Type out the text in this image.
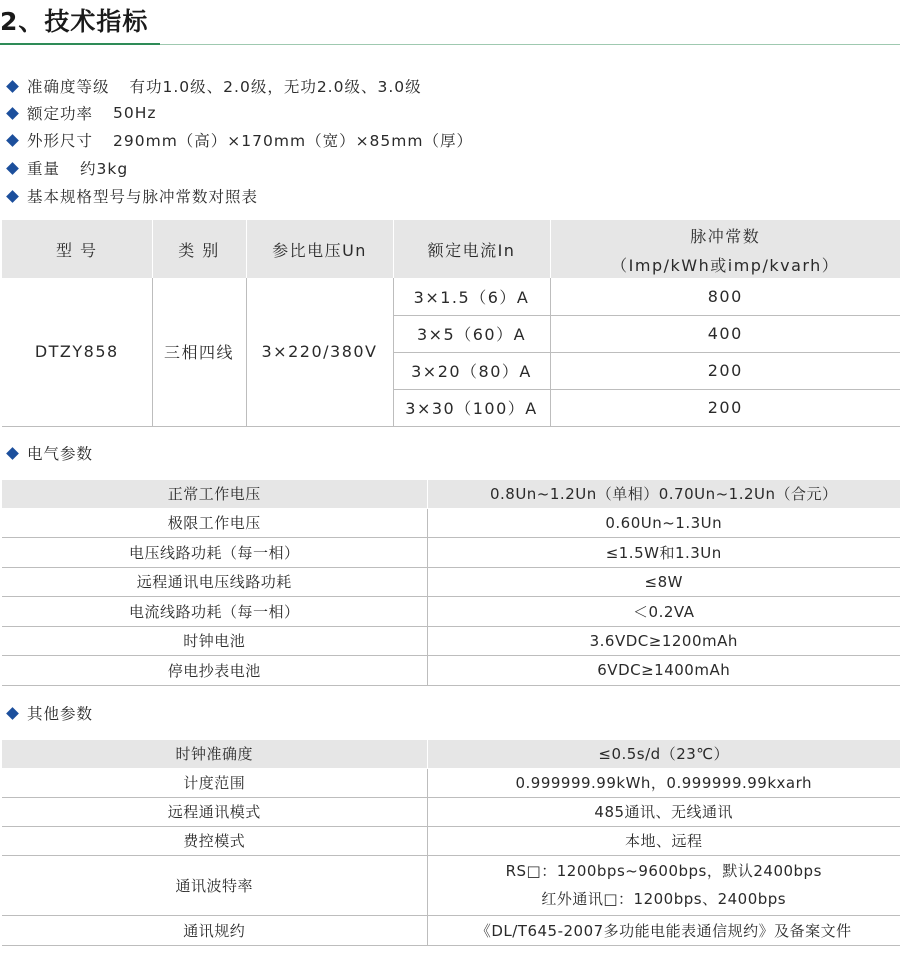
2、技术指标
准确度等级 有功1.0级、2.0级，无功2.0级、3.0级
额定功率 50Hz
外形尺寸 290mm（高）×170mm（宽）×85mm（厚）
重量 约3kg
基本规格型号与脉冲常数对照表
型 号	类 别	参比电压Un	额定电流In	脉冲常数
				（Imp/kWh或imp/kvarh）
DTZY858	三相四线	3×220/380V	3×1.5（6）A	800
			3×5（60）A	400
			3×20（80）A	200
			3×30（100）A	200
电气参数
正常工作电压	0.8Un~1.2Un（单相）0.70Un~1.2Un（合元）
极限工作电压	0.60Un~1.3Un
电压线路功耗（每一相）	≤1.5W和1.3Un
远程通讯电压线路功耗	≤8W
电流线路功耗（每一相）	＜0.2VA
时钟电池	3.6VDC≥1200mAh
停电抄表电池	6VDC≥1400mAh
其他参数
时钟准确度	≤0.5s/d（23℃）
计度范围	0.999999.99kWh，0.999999.99kxarh
远程通讯模式	485通讯、无线通讯
费控模式	本地、远程
通讯波特率	RS□：1200bps~9600bps，默认2400bps
红外通讯□：1200bps、2400bps

通讯规约	《DL/T645-2007多功能电能表通信规约》及备案文件
